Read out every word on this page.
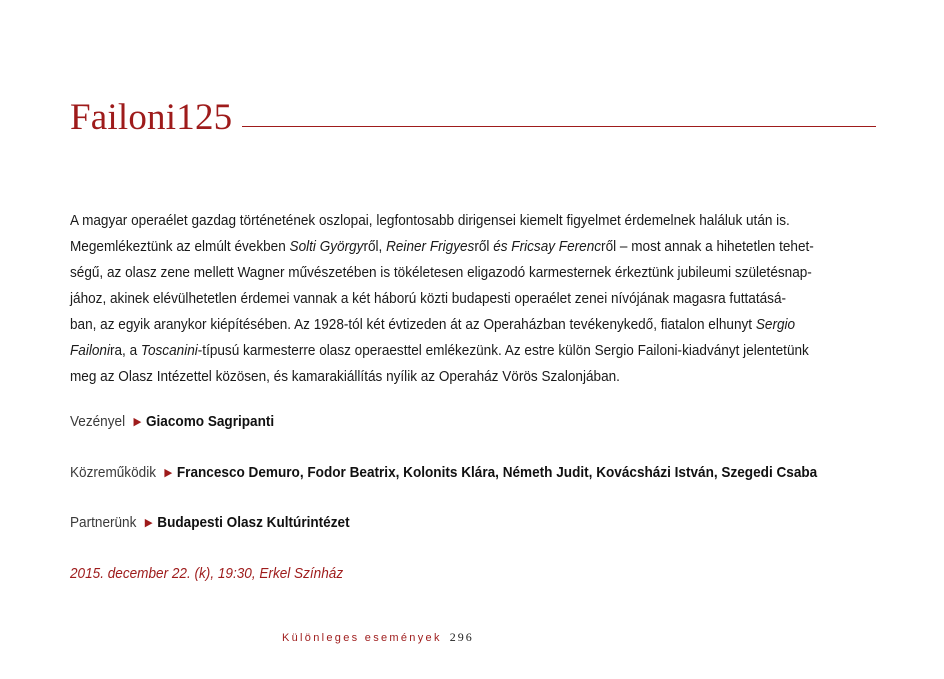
Failoni125
A magyar operaélet gazdag történetének oszlopai, legfontosabb dirigensei kiemelt figyelmet érdemelnek haláluk után is.
Megemlékeztünk az elmúlt években Solti Györgyről, Reiner Frigyesről és Fricsay Ferencről – most annak a hihetetlen tehet-
ségű, az olasz zene mellett Wagner művészetében is tökéletesen eligazodó karmesternek érkeztünk jubileumi születésnap-
jához, akinek elévülhetetlen érdemei vannak a két háború közti budapesti operaélet zenei nívójának magasra futtatásá-
ban, az egyik aranykor kiépítésében. Az 1928-tól két évtizeden át az Operaházban tevékenykedő, fiatalon elhunyt Sergio
Failonira, a Toscanini-típusú karmesterre olasz operaesttel emlékezünk. Az estre külön Sergio Failoni-kiadványt jelentetünk
meg az Olasz Intézettel közösen, és kamarakiállítás nyílik az Operaház Vörös Szalonjában.
Vezényel ▶ Giacomo Sagripanti
Közreműködik ▶ Francesco Demuro, Fodor Beatrix, Kolonits Klára, Németh Judit, Kovácsházi István, Szegedi Csaba
Partnerünk ▶ Budapesti Olasz Kultúrintézet
2015. december 22. (k), 19:30, Erkel Színház
Különleges események 296
